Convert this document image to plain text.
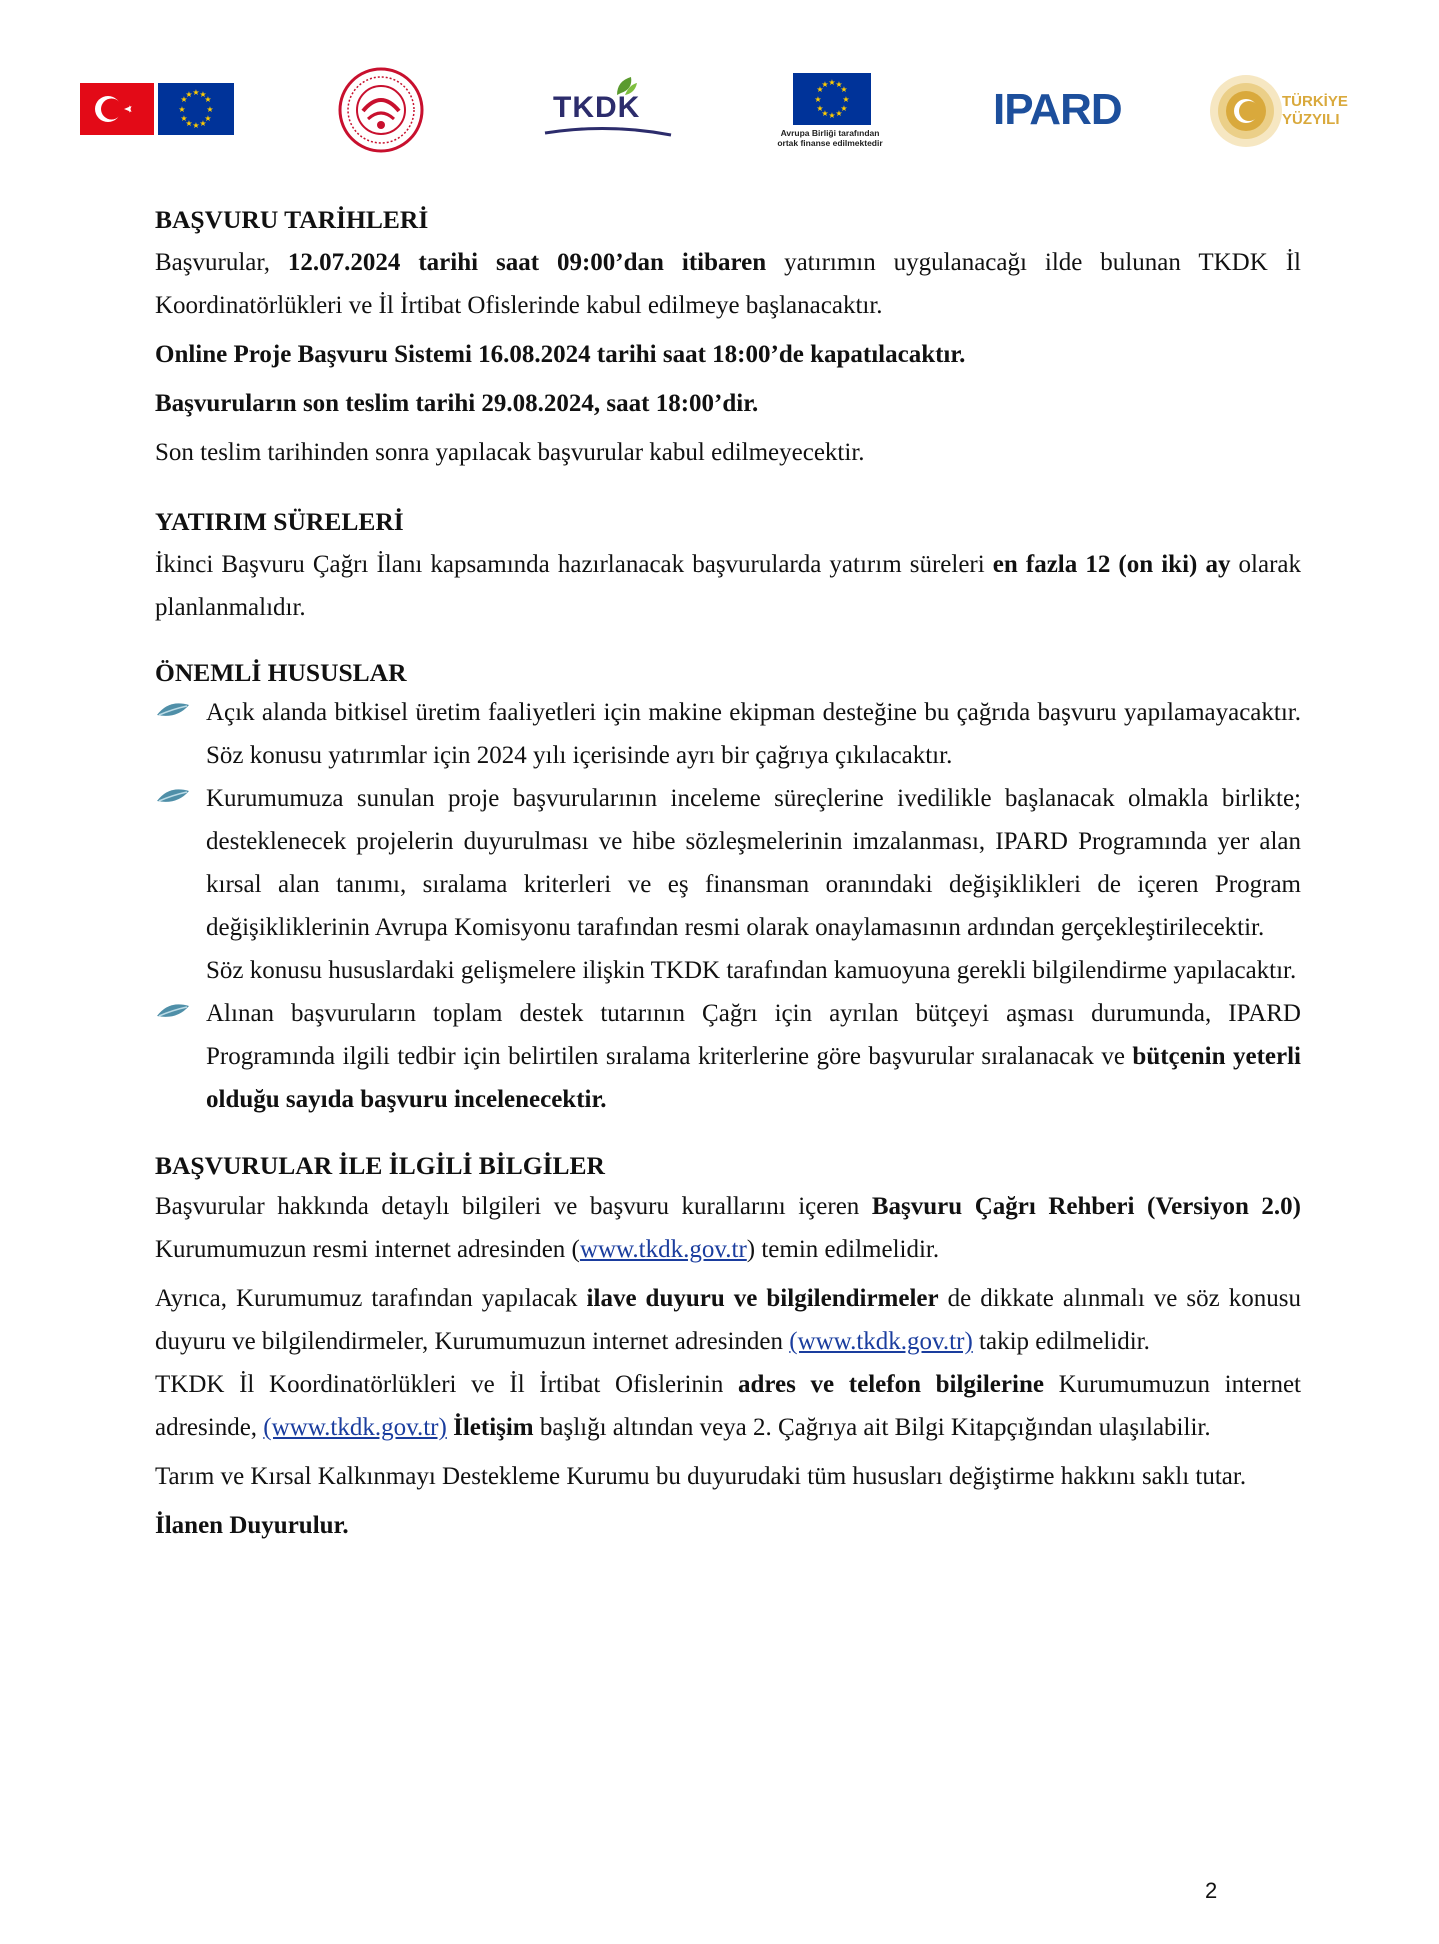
★ ★
★
★
★
★
★
★
★
★
★
★	TKDK
★ ★
★
★
★
★
★
★
★
★
★
★
Avrupa Birliği tarafından
ortak finanse edilmektedir
IPARD	TÜRKİYE
YÜZYILI
BAŞVURU TARİHLERİ
Başvurular, 12.07.2024 tarihi saat 09:00’dan itibaren yatırımın uygulanacağı ilde bulunan TKDK İl Koordinatörlükleri ve İl İrtibat Ofislerinde kabul edilmeye başlanacaktır.
Online Proje Başvuru Sistemi 16.08.2024 tarihi saat 18:00’de kapatılacaktır.
Başvuruların son teslim tarihi 29.08.2024, saat 18:00’dir.
Son teslim tarihinden sonra yapılacak başvurular kabul edilmeyecektir.
YATIRIM SÜRELERİ
İkinci Başvuru Çağrı İlanı kapsamında hazırlanacak başvurularda yatırım süreleri en fazla 12 (on iki) ay olarak planlanmalıdır.
ÖNEMLİ HUSUSLAR
Açık alanda bitkisel üretim faaliyetleri için makine ekipman desteğine bu çağrıda başvuru yapılamayacaktır. Söz konusu yatırımlar için 2024 yılı içerisinde ayrı bir çağrıya çıkılacaktır.
Kurumumuza sunulan proje başvurularının inceleme süreçlerine ivedilikle başlanacak olmakla birlikte; desteklenecek projelerin duyurulması ve hibe sözleşmelerinin imzalanması, IPARD Programında yer alan kırsal alan tanımı, sıralama kriterleri ve eş finansman oranındaki değişiklikleri de içeren Program değişikliklerinin Avrupa Komisyonu tarafından resmi olarak onaylamasının ardından gerçekleştirilecektir.
Söz konusu hususlardaki gelişmelere ilişkin TKDK tarafından kamuoyuna gerekli bilgilendirme yapılacaktır.
Alınan başvuruların toplam destek tutarının Çağrı için ayrılan bütçeyi aşması durumunda, IPARD Programında ilgili tedbir için belirtilen sıralama kriterlerine göre başvurular sıralanacak ve bütçenin yeterli olduğu sayıda başvuru incelenecektir.
BAŞVURULAR İLE İLGİLİ BİLGİLER
Başvurular hakkında detaylı bilgileri ve başvuru kurallarını içeren Başvuru Çağrı Rehberi (Versiyon 2.0) Kurumumuzun resmi internet adresinden (www.tkdk.gov.tr) temin edilmelidir.
Ayrıca, Kurumumuz tarafından yapılacak ilave duyuru ve bilgilendirmeler de dikkate alınmalı ve söz konusu duyuru ve bilgilendirmeler, Kurumumuzun internet adresinden (www.tkdk.gov.tr) takip edilmelidir.
TKDK İl Koordinatörlükleri ve İl İrtibat Ofislerinin adres ve telefon bilgilerine Kurumumuzun internet adresinde, (www.tkdk.gov.tr) İletişim başlığı altından veya 2. Çağrıya ait Bilgi Kitapçığından ulaşılabilir.
Tarım ve Kırsal Kalkınmayı Destekleme Kurumu bu duyurudaki tüm hususları değiştirme hakkını saklı tutar.
İlanen Duyurulur.
2
